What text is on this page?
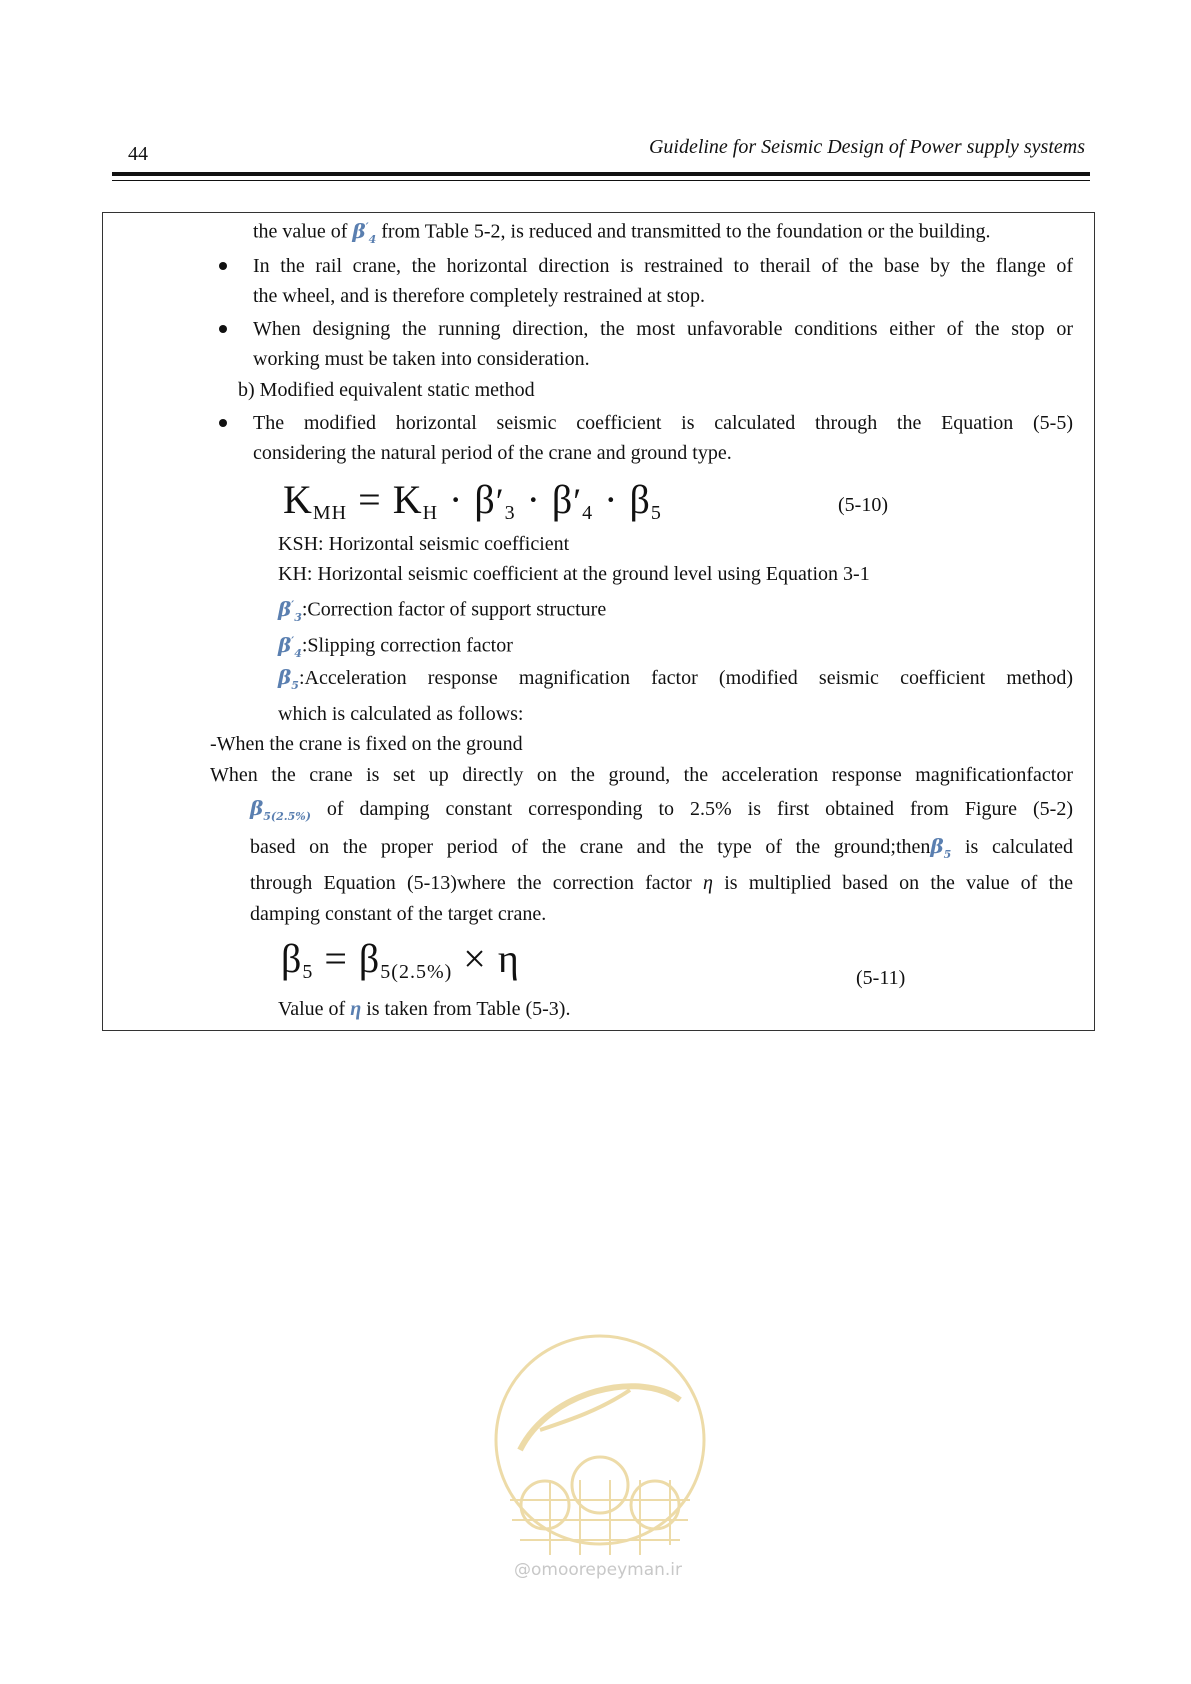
44	Guideline for Seismic Design of Power supply systems
the value of $\beta'_4$ from Table 5-2, is reduced and transmitted to the foundation or the building.
In the rail crane, the horizontal direction is restrained to therail of the base by the flange of
the wheel, and is therefore completely restrained at stop.
When designing the running direction, the most unfavorable conditions either of the stop or
working must be taken into consideration.
b) Modified equivalent static method
The modified horizontal seismic coefficient is calculated through the Equation (5-5)
considering the natural period of the crane and ground type.
$K_{MH} = K_H \cdot \beta'_3 \cdot \beta'_4 \cdot \beta_5$	(5-10)
KSH: Horizontal seismic coefficient
KH: Horizontal seismic coefficient at the ground level using Equation 3-1
$\beta'_3:Correction$ factor of support structure
$\beta'_4:Slipping$ correction factor
$\beta_5:Acceleration$ response magnification factor (modified seismic coefficient method)
which is calculated as follows:
-When the crane is fixed on the ground
When the crane is set up directly on the ground, the acceleration response magnificationfactor
$\beta_{5(2.5\%)}$ of damping constant corresponding to 2.5% is first obtained from Figure (5-2)
based on the proper period of the crane and the type of the ground;thenβ$_5$ is calculated
through Equation (5-13)where the correction factor η is multiplied based on the value of the
damping constant of the target crane.
$\beta_5 = \beta_{5(2.5\%)} \times \eta$	(5-11)
Value of η is taken from Table (5-3).
@omoorepeyman.ir
